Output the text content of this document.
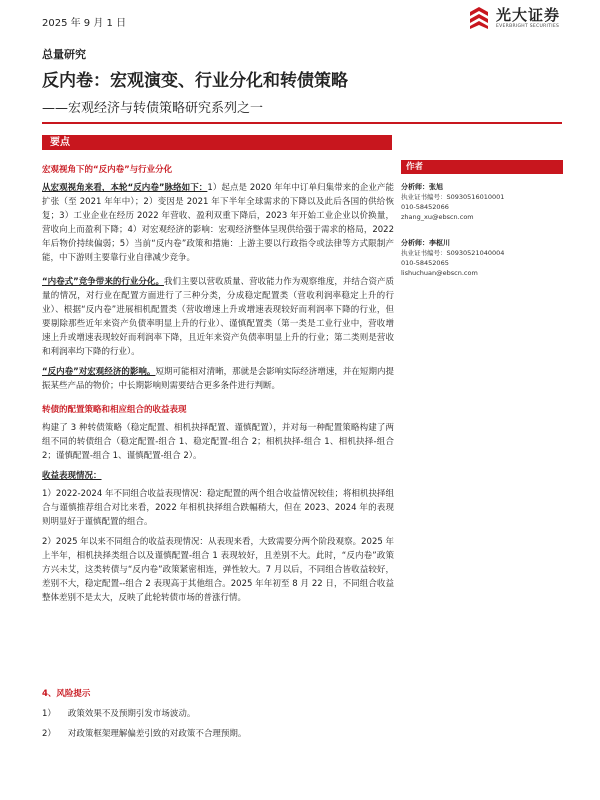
2025 年 9 月 1 日	光大证券
EVERBRIGHT SECURITIES
总量研究
反内卷：宏观演变、行业分化和转债策略
——宏观经济与转债策略研究系列之一
要点
宏观视角下的“反内卷”与行业分化

从宏观视角来看，本轮“反内卷”脉络如下：1）起点是 2020 年年中订单归集带来的企业产能扩张（至 2021 年年中）；2）变因是 2021 年下半年全球需求的下降以及此后各国的供给恢复；3）工业企业在经历 2022 年营收、盈利双重下降后，2023 年开始工业企业以价换量，营收向上而盈利下降；4）对宏观经济的影响：宏观经济整体呈现供给强于需求的格局，2022 年后物价持续偏弱；5）当前“反内卷”政策和措施：上游主要以行政指令或法律等方式限制产能，中下游则主要靠行业自律减少竞争。

“内卷式”竞争带来的行业分化。我们主要以营收质量、营收能力作为观察维度，并结合资产质量的情况，对行业在配置方面进行了三种分类，分成稳定配置类（营收利润率稳定上升的行业）、根据“反内卷”进展相机配置类（营收增速上升或增速表现较好而利润率下降的行业，但要剔除那些近年来资产负债率明显上升的行业）、谨慎配置类（第一类是工业行业中，营收增速上升或增速表现较好而利润率下降，且近年来资产负债率明显上升的行业；第二类则是营收和利润率均下降的行业）。

“反内卷”对宏观经济的影响。短期可能相对清晰，那就是会影响实际经济增速，并在短期内提振某些产品的物价；中长期影响则需要结合更多条件进行判断。

转债的配置策略和相应组合的收益表现

构建了 3 种转债策略（稳定配置、相机抉择配置、谨慎配置），并对每一种配置策略构建了两组不同的转债组合（稳定配置-组合 1、稳定配置-组合 2；相机抉择-组合 1、相机抉择-组合 2；谨慎配置-组合 1、谨慎配置-组合 2）。

收益表现情况：

1）2022-2024 年不同组合收益表现情况：稳定配置的两个组合收益情况较佳；将相机抉择组合与谨慎推荐组合对比来看，2022 年相机抉择组合跌幅稍大，但在 2023、2024 年的表现则明显好于谨慎配置的组合。

2）2025 年以来不同组合的收益表现情况：从表现来看，大致需要分两个阶段观察。2025 年上半年，相机抉择类组合以及谨慎配置-组合 1 表现较好，且差别不大。此时，“反内卷”政策方兴未艾，这类转债与“反内卷”政策紧密相连，弹性较大。7 月以后，不同组合皆收益较好，差别不大，稳定配置--组合 2 表现高于其他组合。2025 年年初至 8 月 22 日，不同组合收益整体差别不是太大，反映了此轮转债市场的普涨行情。

4、风险提示
1） 政策效果不及预期引发市场波动。
2） 对政策框架理解偏差引致的对政策不合理预期。
作者
分析师：张旭
执业证书编号：S0930516010001
010-58452066
zhang_xu@ebscn.com
分析师：李枢川
执业证书编号：S0930521040004
010-58452065
lishuchuan@ebscn.com
